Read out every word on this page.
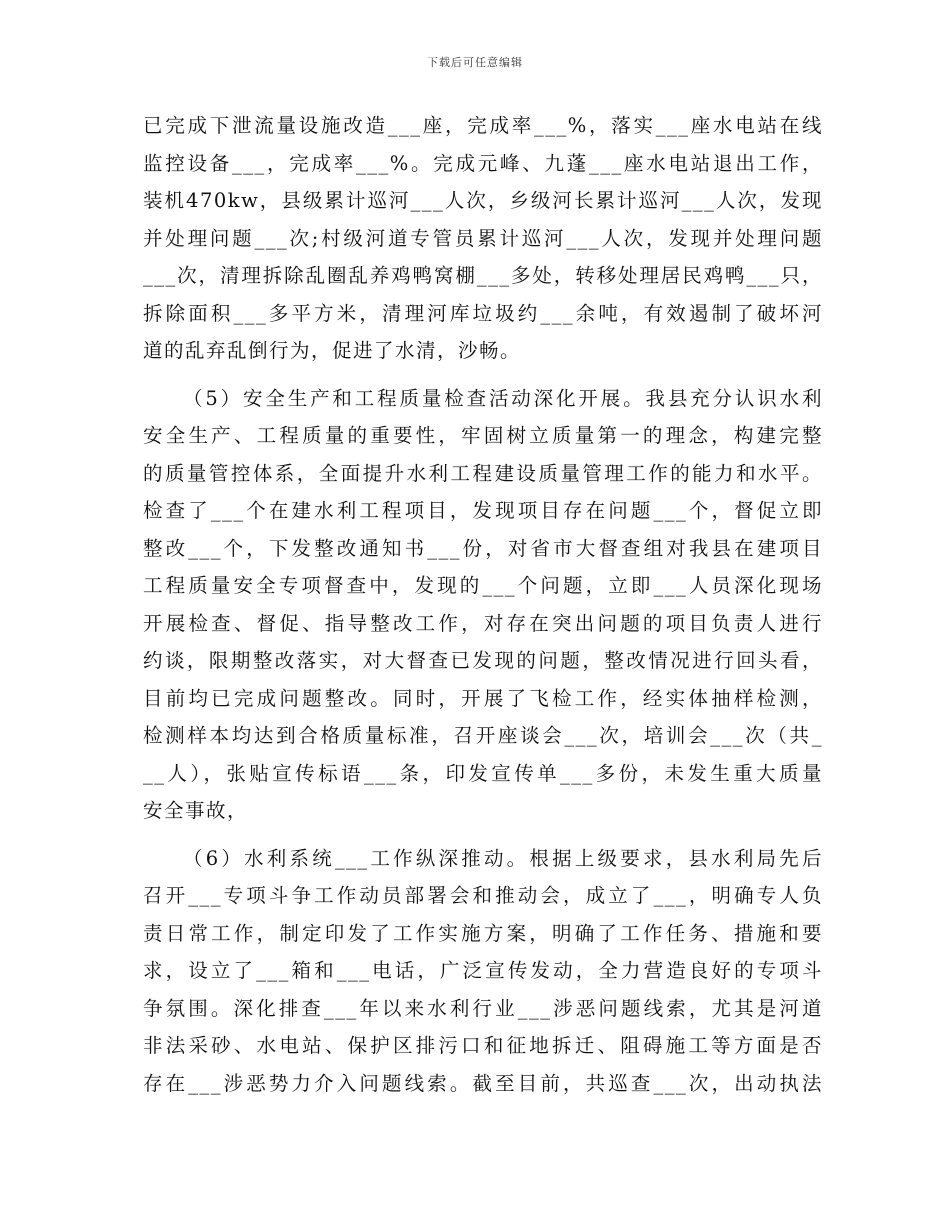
下载后可任意编辑
已完成下泄流量设施改造___座，完成率___%，落实___座水电站在线
监控设备___，完成率___%。完成元峰、九蓬___座水电站退出工作，
装机470kw，县级累计巡河___人次，乡级河长累计巡河___人次，发现
并处理问题___次;村级河道专管员累计巡河___人次，发现并处理问题
___次，清理拆除乱圈乱养鸡鸭窝棚___多处，转移处理居民鸡鸭___只，
拆除面积___多平方米，清理河库垃圾约___余吨，有效遏制了破坏河
道的乱弃乱倒行为，促进了水清，沙畅。
（5）安全生产和工程质量检查活动深化开展。我县充分认识水利
安全生产、工程质量的重要性，牢固树立质量第一的理念，构建完整
的质量管控体系，全面提升水利工程建设质量管理工作的能力和水平。
检查了___个在建水利工程项目，发现项目存在问题___个，督促立即
整改___个，下发整改通知书___份，对省市大督查组对我县在建项目
工程质量安全专项督查中，发现的___个问题，立即___人员深化现场
开展检查、督促、指导整改工作，对存在突出问题的项目负责人进行
约谈，限期整改落实，对大督查已发现的问题，整改情况进行回头看，
目前均已完成问题整改。同时，开展了飞检工作，经实体抽样检测，
检测样本均达到合格质量标准，召开座谈会___次，培训会___次（共_
__人），张贴宣传标语___条，印发宣传单___多份，未发生重大质量
安全事故，
（6）水利系统___工作纵深推动。根据上级要求，县水利局先后
召开___专项斗争工作动员部署会和推动会，成立了___，明确专人负
责日常工作，制定印发了工作实施方案，明确了工作任务、措施和要
求，设立了___箱和___电话，广泛宣传发动，全力营造良好的专项斗
争氛围。深化排查___年以来水利行业___涉恶问题线索，尤其是河道
非法采砂、水电站、保护区排污口和征地拆迁、阻碍施工等方面是否
存在___涉恶势力介入问题线索。截至目前，共巡查___次，出动执法
